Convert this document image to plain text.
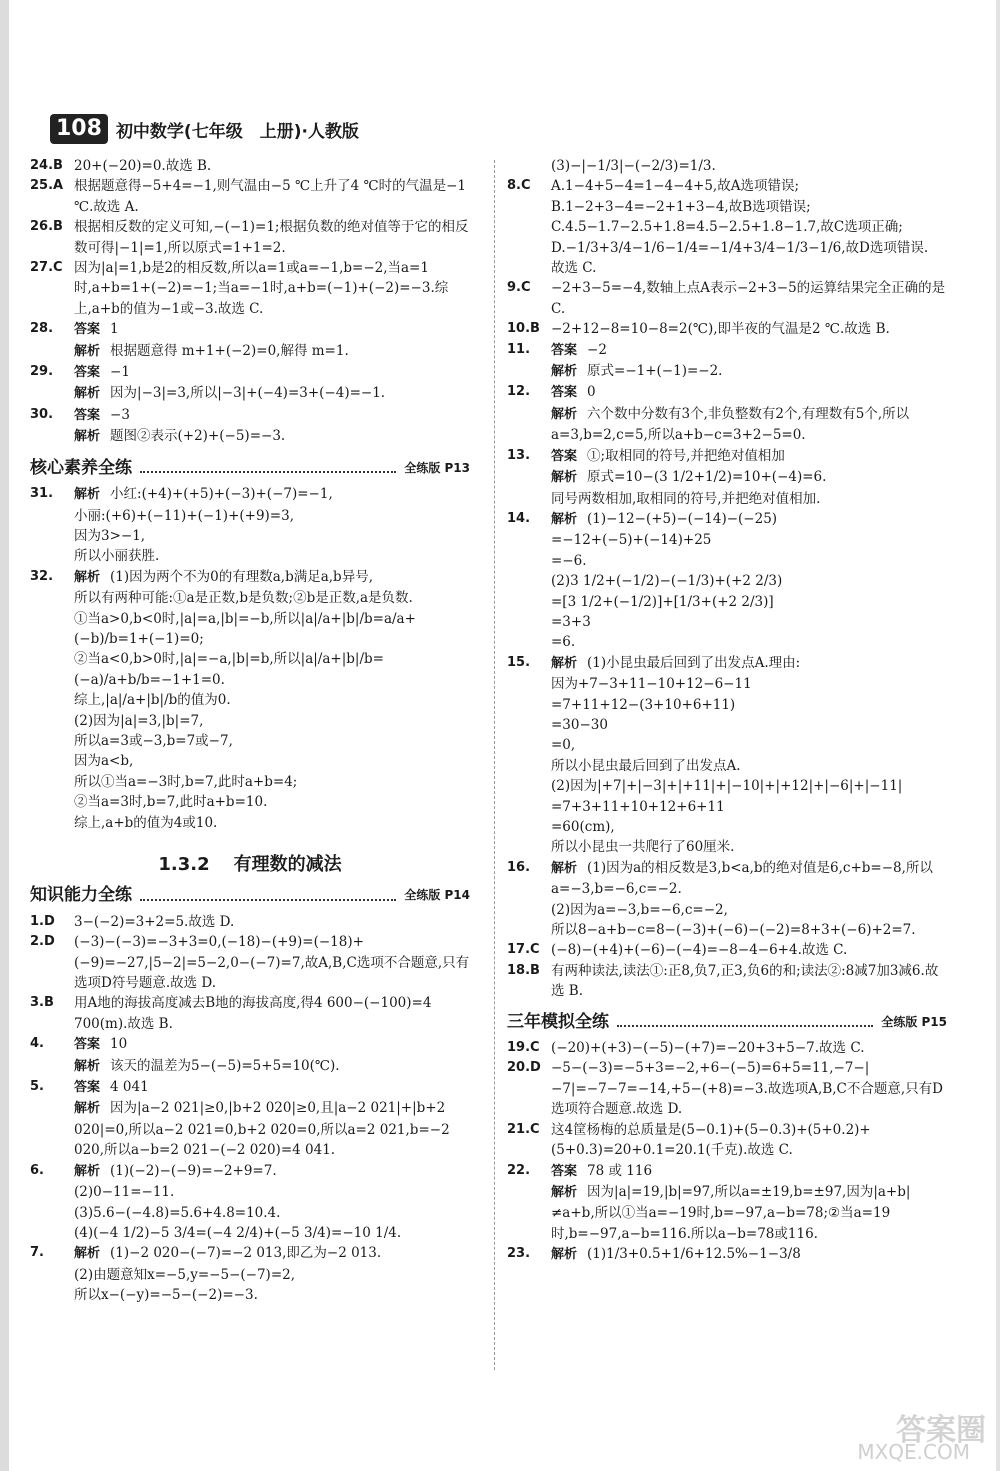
108 初中数学(七年级　上册)·人教版
24.B 20+(−20)=0.故选 B.
25.A 根据题意得−5+4=−1,则气温由−5 ℃上升了4 ℃时的气温是−1 ℃.故选 A.
26.B 根据相反数的定义可知,−(−1)=1;根据负数的绝对值等于它的相反数可得|−1|=1,所以原式=1+1=2.
27.C 因为|a|=1,b是2的相反数,所以a=1或a=−1,b=−2,当a=1时,a+b=1+(−2)=−1;当a=−1时,a+b=(−1)+(−2)=−3.综上,a+b的值为−1或−3.故选 C.
28. 答案 1
解析 根据题意得 m+1+(−2)=0,解得 m=1.
29. 答案 −1
解析 因为|−3|=3,所以|−3|+(−4)=3+(−4)=−1.
30. 答案 −3
解析 题图②表示(+2)+(−5)=−3.
核心素养全练	全练版 P13
31. 解析 小红:(+4)+(+5)+(−3)+(−7)=−1,
小丽:(+6)+(−11)+(−1)+(+9)=3,
因为3>−1,
所以小丽获胜.
32. 解析 (1)因为两个不为0的有理数a,b满足a,b异号,
所以有两种可能:①a是正数,b是负数;②b是正数,a是负数.
①当a>0,b<0时,|a|=a,|b|=−b,所以|a|/a+|b|/b=a/a+(−b)/b=1+(−1)=0;
②当a<0,b>0时,|a|=−a,|b|=b,所以|a|/a+|b|/b=(−a)/a+b/b=−1+1=0.
综上,|a|/a+|b|/b的值为0.
(2)因为|a|=3,|b|=7,
所以a=3或−3,b=7或−7,
因为a<b,
所以①当a=−3时,b=7,此时a+b=4;
②当a=3时,b=7,此时a+b=10.
综上,a+b的值为4或10.
1.3.2 有理数的减法
知识能力全练	全练版 P14
1.D 3−(−2)=3+2=5.故选 D.
2.D (−3)−(−3)=−3+3=0,(−18)−(+9)=(−18)+(−9)=−27,|5−2|=5−2,0−(−7)=7,故A,B,C选项不合题意,只有选项D符号题意.故选 D.
3.B 用A地的海拔高度减去B地的海拔高度,得4 600−(−100)=4 700(m).故选 B.
4. 答案 10
解析 该天的温差为5−(−5)=5+5=10(℃).
5. 答案 4 041
解析 因为|a−2 021|≥0,|b+2 020|≥0,且|a−2 021|+|b+2 020|=0,所以a−2 021=0,b+2 020=0,所以a=2 021,b=−2 020,所以a−b=2 021−(−2 020)=4 041.
6. 解析 (1)(−2)−(−9)=−2+9=7.
(2)0−11=−11.
(3)5.6−(−4.8)=5.6+4.8=10.4.
(4)(−4 1/2)−5 3/4=(−4 2/4)+(−5 3/4)=−10 1/4.
7. 解析 (1)−2 020−(−7)=−2 013,即乙为−2 013.
(2)由题意知x=−5,y=−5−(−7)=2,
所以x−(−y)=−5−(−2)=−3.
(3)−|−1/3|−(−2/3)=1/3.
8.C A.1−4+5−4=1−4−4+5,故A选项错误;
B.1−2+3−4=−2+1+3−4,故B选项错误;
C.4.5−1.7−2.5+1.8=4.5−2.5+1.8−1.7,故C选项正确;
D.−1/3+3/4−1/6−1/4=−1/4+3/4−1/3−1/6,故D选项错误.
故选 C.
9.C −2+3−5=−4,数轴上点A表示−2+3−5的运算结果完全正确的是C.
10.B −2+12−8=10−8=2(℃),即半夜的气温是2 ℃.故选 B.
11. 答案 −2
解析 原式=−1+(−1)=−2.
12. 答案 0
解析 六个数中分数有3个,非负整数有2个,有理数有5个,所以a=3,b=2,c=5,所以a+b−c=3+2−5=0.
13. 答案 ①;取相同的符号,并把绝对值相加
解析 原式=10−(3 1/2+1/2)=10+(−4)=6.
同号两数相加,取相同的符号,并把绝对值相加.
14. 解析 (1)−12−(+5)−(−14)−(−25)
=−12+(−5)+(−14)+25
=−6.
(2)3 1/2+(−1/2)−(−1/3)+(+2 2/3)
=[3 1/2+(−1/2)]+[1/3+(+2 2/3)]
=3+3
=6.
15. 解析 (1)小昆虫最后回到了出发点A.理由:
因为+7−3+11−10+12−6−11
=7+11+12−(3+10+6+11)
=30−30
=0,
所以小昆虫最后回到了出发点A.
(2)因为|+7|+|−3|+|+11|+|−10|+|+12|+|−6|+|−11|
=7+3+11+10+12+6+11
=60(cm),
所以小昆虫一共爬行了60厘米.
16. 解析 (1)因为a的相反数是3,b<a,b的绝对值是6,c+b=−8,所以a=−3,b=−6,c=−2.
(2)因为a=−3,b=−6,c=−2,
所以8−a+b−c=8−(−3)+(−6)−(−2)=8+3+(−6)+2=7.
17.C (−8)−(+4)+(−6)−(−4)=−8−4−6+4.故选 C.
18.B 有两种读法,读法①:正8,负7,正3,负6的和;读法②:8减7加3减6.故选 B.
三年模拟全练	全练版 P15
19.C (−20)+(+3)−(−5)−(+7)=−20+3+5−7.故选 C.
20.D −5−(−3)=−5+3=−2,+6−(−5)=6+5=11,−7−|−7|=−7−7=−14,+5−(+8)=−3.故选项A,B,C不合题意,只有D选项符合题意.故选 D.
21.C 这4筐杨梅的总质量是(5−0.1)+(5−0.3)+(5+0.2)+(5+0.3)=20+0.1=20.1(千克).故选 C.
22. 答案 78 或 116
解析 因为|a|=19,|b|=97,所以a=±19,b=±97,因为|a+b|≠a+b,所以①当a=−19时,b=−97,a−b=78;②当a=19时,b=−97,a−b=116.所以a−b=78或116.
23. 解析 (1)1/3+0.5+1/6+12.5%−1−3/8
答案圈
MXQE.COM
